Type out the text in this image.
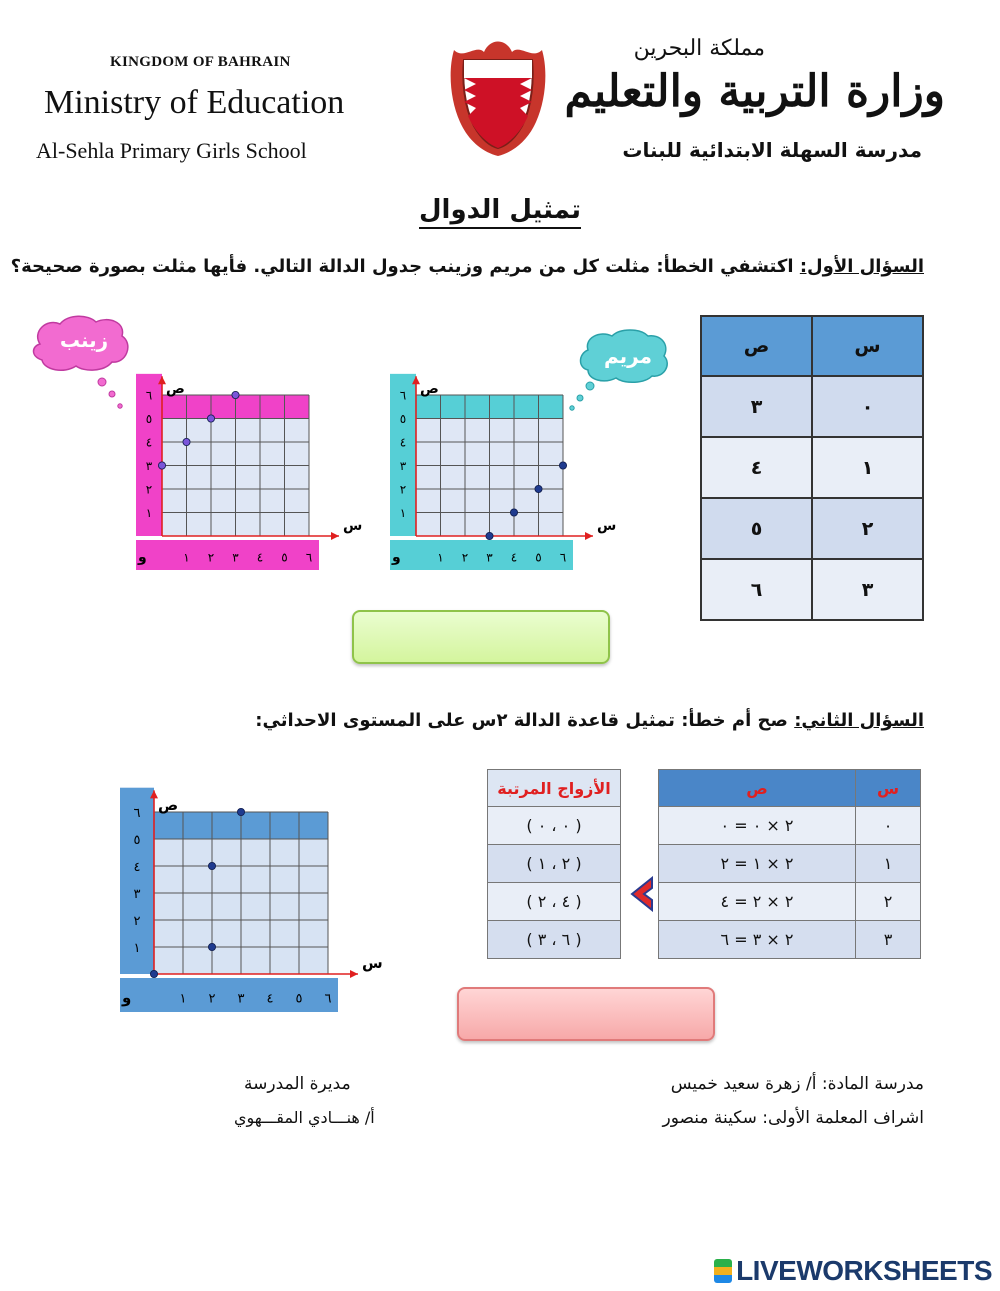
KINGDOM OF BAHRAIN
Ministry of Education
Al-Sehla Primary Girls School
مملكة البحرين
وزارة التربية والتعليم
مدرسة السهلة الابتدائية للبنات
تمثيل الدوال
السؤال الأول: اكتشفي الخطأ: مثلت كل من مريم وزينب جدول الدالة التالي. فأيها مثلت بصورة صحيحة؟
س	ص
٠	٣
١	٤
٢	٥
٣	٦
زينب
مريم
١ ٢ ٣ ٤ ٥ ٦
١
٢
٣
٤
٥
٦
و
ص
س
١ ٢ ٣ ٤ ٥ ٦
١
٢
٣
٤
٥
٦
و
ص
س
السؤال الثاني: صح أم خطأ: تمثيل قاعدة الدالة ٢س على المستوى الاحداثي:
س	ص
٠	٢ × ٠ = ٠
١	٢ × ١ = ٢
٢	٢ × ٢ = ٤
٣	٢ × ٣ = ٦
الأزواج المرتبة
( ٠ ، ٠ )
( ٢ ، ١ )
( ٤ ، ٢ )
( ٦ ، ٣ )
١ ٢ ٣ ٤ ٥ ٦
١
٢
٣
٤
٥
٦
و
ص
س
مدرسة المادة: أ/ زهرة سعيد خميس
اشراف المعلمة الأولى: سكينة منصور
مديرة المدرسة
أ/ هنـــادي المقـــهوي
LIVEWORKSHEETS
